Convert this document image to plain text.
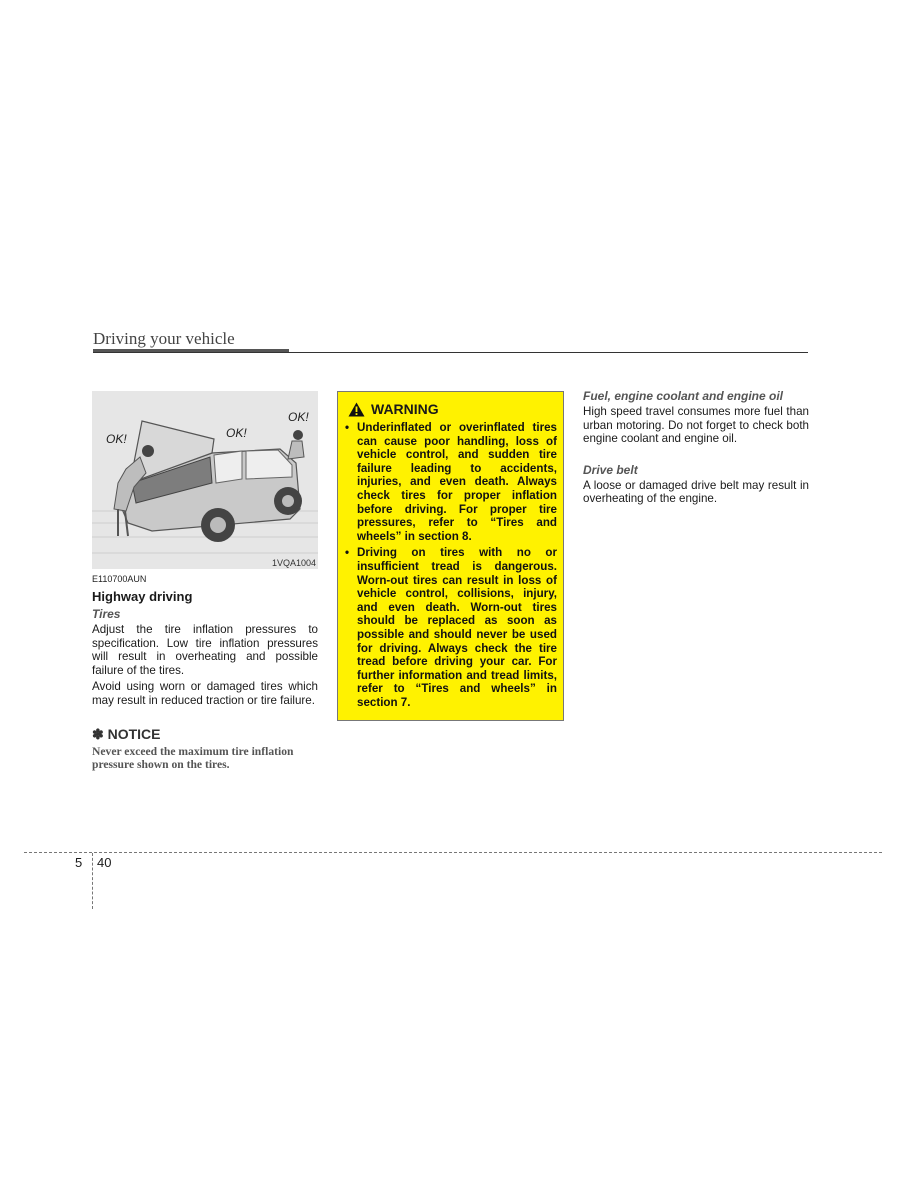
Driving your vehicle
OK!	OK!
OK!
1VQA1004
E110700AUN
Highway driving
Tires

Adjust the tire inflation pressures to specification. Low tire inflation pressures will result in overheating and possible failure of the tires.

Avoid using worn or damaged tires which may result in reduced traction or tire failure.

✽ NOTICE
Never exceed the maximum tire inflation pressure shown on the tires.
WARNING
• Underinflated or overinflated tires can cause poor handling, loss of vehicle control, and sudden tire failure leading to accidents, injuries, and even death. Always check tires for proper inflation before driving. For proper tire pressures, refer to “Tires and wheels” in section 8.
• Driving on tires with no or insufficient tread is dangerous. Worn-out tires can result in loss of vehicle control, collisions, injury, and even death. Worn-out tires should be replaced as soon as possible and should never be used for driving. Always check the tire tread before driving your car. For further information and tread limits, refer to “Tires and wheels” in section 7.
Fuel, engine coolant and engine oil

High speed travel consumes more fuel than urban motoring. Do not forget to check both engine coolant and engine oil.

Drive belt

A loose or damaged drive belt may result in overheating of the engine.

5 40
